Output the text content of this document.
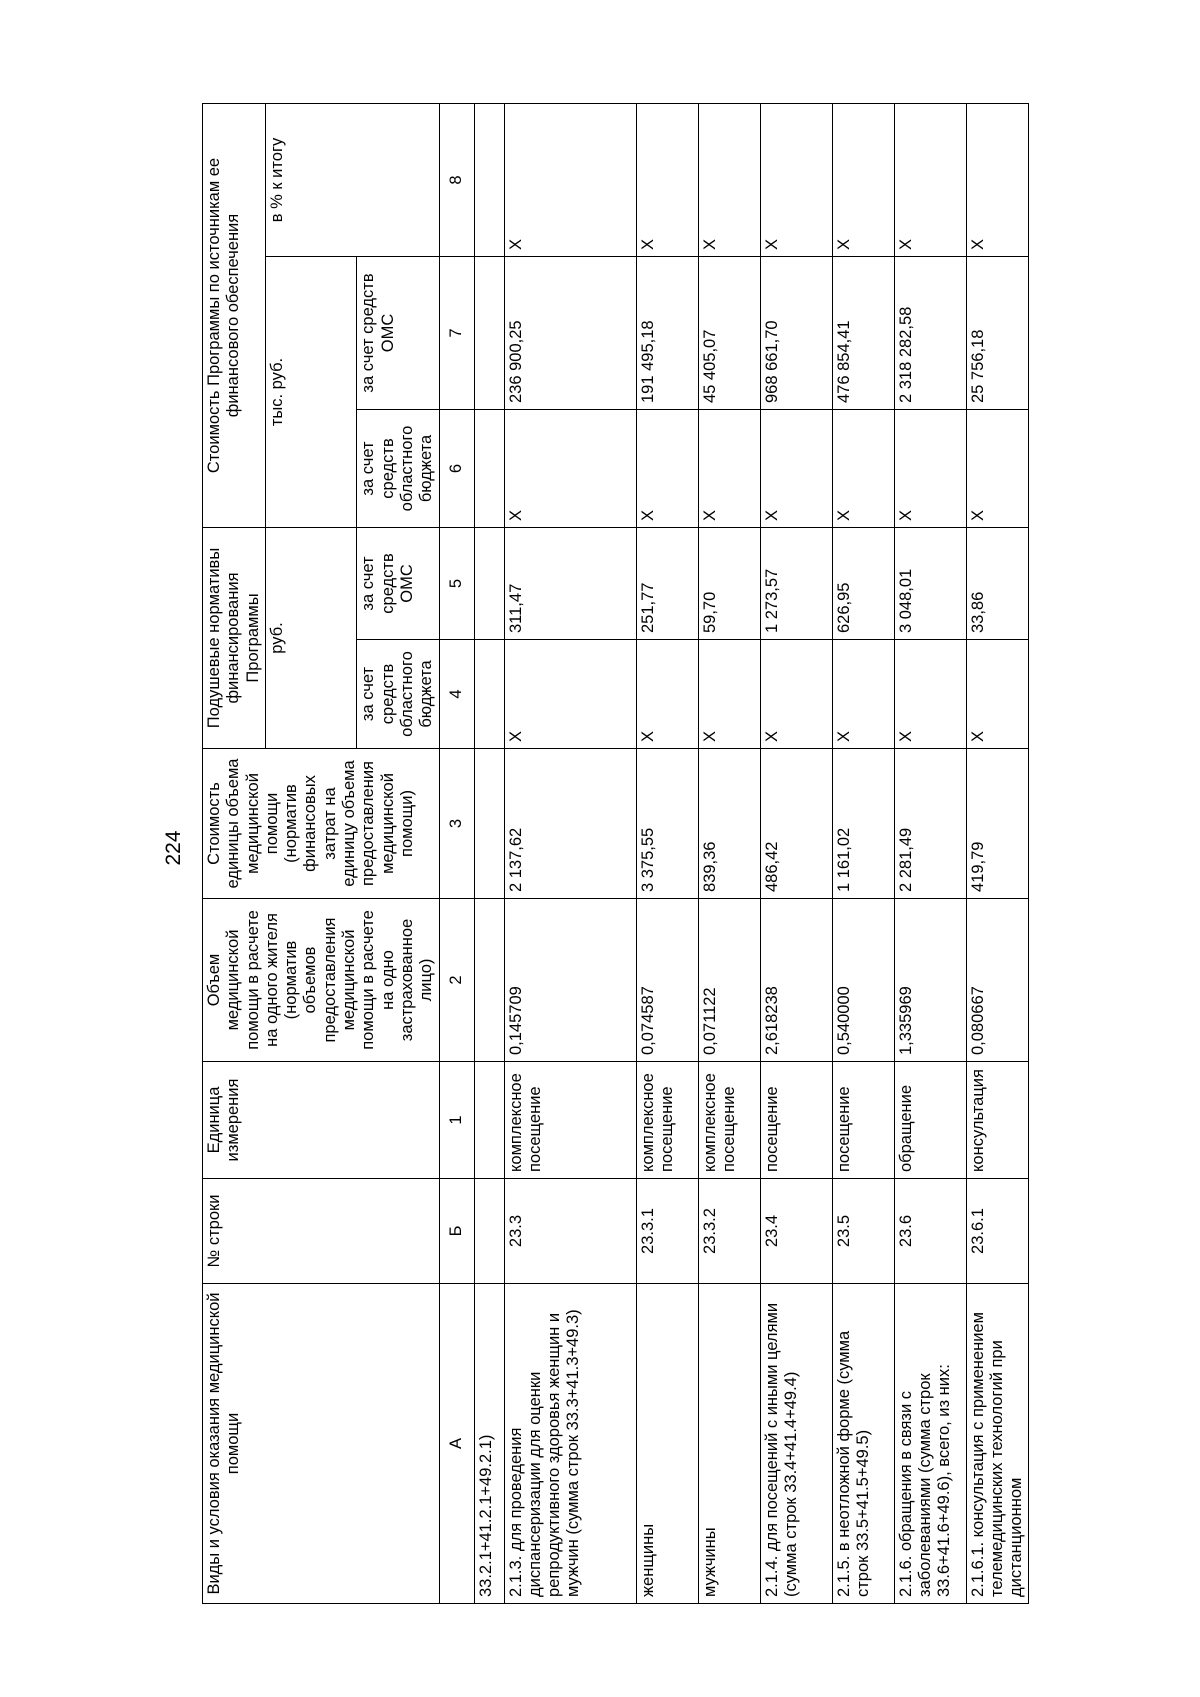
224
Виды и условия оказания медицинской помощи	№ строки	Единица измерения	Объем медицинской помощи в расчете на одного жителя (норматив объемов предоставления медицинской помощи в расчете на одно застрахованное лицо)	Стоимость единицы объема медицинской помощи (норматив финансовых затрат на единицу объема предоставления медицинской помощи)	Подушевые нормативы финансирования Программы		Стоимость Программы по источникам ее финансового обеспечения		
					руб.		тыс. руб.		в % к итогу
					за счет средств областного бюджета	за счет средств ОМС	за счет средств областного бюджета	за счет средств ОМС	
А	Б	1	2	3	4	5	6	7	8
33.2.1+41.2.1+49.2.1)									
2.1.3. для проведения диспансеризации для оценки репродуктивного здоровья женщин и мужчин (сумма строк 33.3+41.3+49.3)	23.3	комплексное посещение	0,145709	2 137,62	X	311,47	X	236 900,25	X
женщины	23.3.1	комплексное посещение	0,074587	3 375,55	X	251,77	X	191 495,18	X
мужчины	23.3.2	комплексное посещение	0,071122	839,36	X	59,70	X	45 405,07	X
2.1.4. для посещений с иными целями (сумма строк 33.4+41.4+49.4)	23.4	посещение	2,618238	486,42	X	1 273,57	X	968 661,70	X
2.1.5. в неотложной форме (сумма строк 33.5+41.5+49.5)	23.5	посещение	0,540000	1 161,02	X	626,95	X	476 854,41	X
2.1.6. обращения в связи с заболеваниями (сумма строк 33.6+41.6+49.6), всего, из них:	23.6	обращение	1,335969	2 281,49	X	3 048,01	X	2 318 282,58	X
2.1.6.1. консультация с применением телемедицинских технологий при дистанционном	23.6.1	консультация	0,080667	419,79	X	33,86	X	25 756,18	X
